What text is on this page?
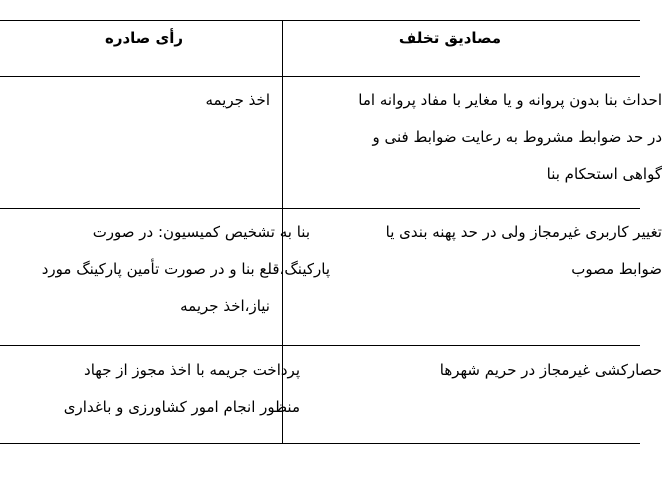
رأی صادره	مصادیق تخلف
احداث بنا بدون پروانه و یا مغایر با مفاد پروانه اما
در حد ضوابط مشروط به رعایت ضوابط فنی و
گواهی استحکام بنا
اخذ جریمه
تغییر کاربری غیرمجاز ولی در حد پهنه بندی یا
ضوابط مصوب
بنا به تشخیص کمیسیون: در صورت
پارکینگ،قلع بنا و در صورت تأمین پارکینگ مورد
نیاز،اخذ جریمه
حصارکشی غیرمجاز در حریم شهرها
پرداخت جریمه با اخذ مجوز از جهاد
منظور انجام امور کشاورزی و باغداری
